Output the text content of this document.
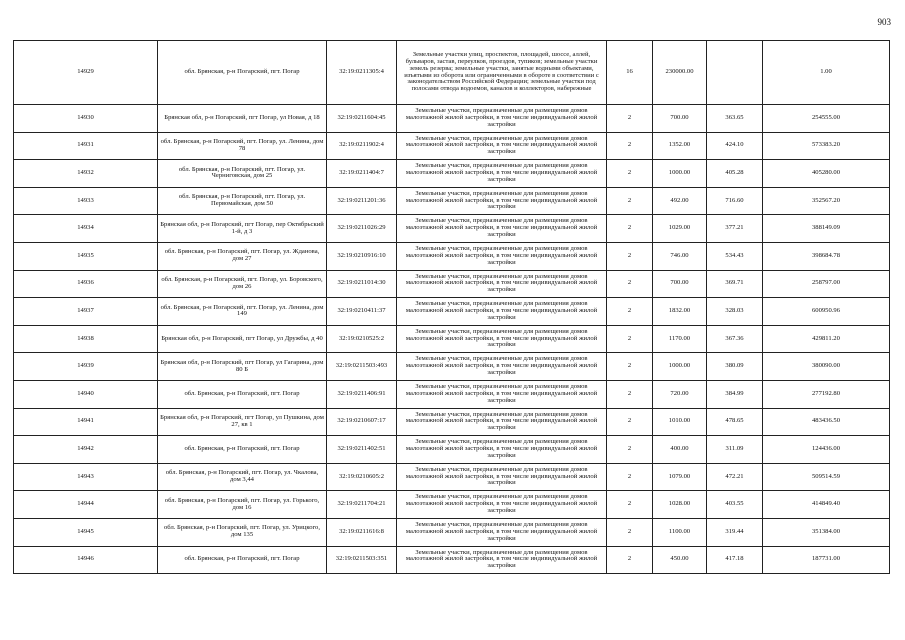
903
14929	обл. Брянская, р-н Погарский, пгт. Погар	32:19:0211305:4	Земельные участки улиц, проспектов, площадей, шоссе, аллей, бульваров, застав, переулков, проездов, тупиков; земельные участки земель резерва; земельные участки, занятые водными объектами, изъятыми из оборота или ограниченными в обороте в соответствии с законодательством Российской Федерации; земельные участки под полосами отвода водоемов, каналов и коллекторов, набережные	16	230000.00		1.00
14930	Брянская обл, р-н Погарский, пгт Погар, ул Новая, д 18	32:19:0211604:45	Земельные участки, предназначенные для размещения домов малоэтажной жилой застройки, в том числе индивидуальной жилой застройки	2	700.00	363.65	254555.00
14931	обл. Брянская, р-н Погарский, пгт. Погар, ул. Ленина, дом 78	32:19:0211902:4	Земельные участки, предназначенные для размещения домов малоэтажной жилой застройки, в том числе индивидуальной жилой застройки	2	1352.00	424.10	573383.20
14932	обл. Брянская, р-н Погарский, пгт. Погар, ул. Черниговская, дом 25	32:19:0211404:7	Земельные участки, предназначенные для размещения домов малоэтажной жилой застройки, в том числе индивидуальной жилой застройки	2	1000.00	405.28	405280.00
14933	обл. Брянская, р-н Погарский, пгт. Погар, ул. Первомайская, дом 50	32:19:0211201:36	Земельные участки, предназначенные для размещения домов малоэтажной жилой застройки, в том числе индивидуальной жилой застройки	2	492.00	716.60	352567.20
14934	Брянская обл, р-н Погарский, пгт Погар, пер Октябрьский 1-й, д 3	32:19:0211026:29	Земельные участки, предназначенные для размещения домов малоэтажной жилой застройки, в том числе индивидуальной жилой застройки	2	1029.00	377.21	388149.09
14935	обл. Брянская, р-н Погарский, пгт. Погар, ул. Жданова, дом 27	32:19:0210916:10	Земельные участки, предназначенные для размещения домов малоэтажной жилой застройки, в том числе индивидуальной жилой застройки	2	746.00	534.43	398684.78
14936	обл. Брянская, р-н Погарский, пгт. Погар, ул. Боровского, дом 26	32:19:0211014:30	Земельные участки, предназначенные для размещения домов малоэтажной жилой застройки, в том числе индивидуальной жилой застройки	2	700.00	369.71	258797.00
14937	обл. Брянская, р-н Погарский, пгт. Погар, ул. Ленина, дом 149	32:19:0210411:37	Земельные участки, предназначенные для размещения домов малоэтажной жилой застройки, в том числе индивидуальной жилой застройки	2	1832.00	328.03	600950.96
14938	Брянская обл, р-н Погарский, пгт Погар, ул Дружбы, д 40	32:19:0210525:2	Земельные участки, предназначенные для размещения домов малоэтажной жилой застройки, в том числе индивидуальной жилой застройки	2	1170.00	367.36	429811.20
14939	Брянская обл, р-н Погарский, пгт Погар, ул Гагарина, дом 80 Б	32:19:0211503:493	Земельные участки, предназначенные для размещения домов малоэтажной жилой застройки, в том числе индивидуальной жилой застройки	2	1000.00	380.09	380090.00
14940	обл. Брянская, р-н Погарский, пгт. Погар	32:19:0211406:91	Земельные участки, предназначенные для размещения домов малоэтажной жилой застройки, в том числе индивидуальной жилой застройки	2	720.00	384.99	277192.80
14941	Брянская обл, р-н Погарский, пгт Погар, ул Пушкина, дом 27, кв 1	32:19:0210607:17	Земельные участки, предназначенные для размещения домов малоэтажной жилой застройки, в том числе индивидуальной жилой застройки	2	1010.00	478.65	483436.50
14942	обл. Брянская, р-н Погарский, пгт. Погар	32:19:0211402:51	Земельные участки, предназначенные для размещения домов малоэтажной жилой застройки, в том числе индивидуальной жилой застройки	2	400.00	311.09	124436.00
14943	обл. Брянская, р-н Погарский, пгт. Погар, ул. Чкалова, дом 3,44	32:19:0210605:2	Земельные участки, предназначенные для размещения домов малоэтажной жилой застройки, в том числе индивидуальной жилой застройки	2	1079.00	472.21	509514.59
14944	обл. Брянская, р-н Погарский, пгт. Погар, ул. Горького, дом 16	32:19:0211704:21	Земельные участки, предназначенные для размещения домов малоэтажной жилой застройки, в том числе индивидуальной жилой застройки	2	1028.00	403.55	414849.40
14945	обл. Брянская, р-н Погарский, пгт. Погар, ул. Урицкого, дом 135	32:19:0211616:8	Земельные участки, предназначенные для размещения домов малоэтажной жилой застройки, в том числе индивидуальной жилой застройки	2	1100.00	319.44	351384.00
14946	обл. Брянская, р-н Погарский, пгт. Погар	32:19:0211503:351	Земельные участки, предназначенные для размещения домов малоэтажной жилой застройки, в том числе индивидуальной жилой застройки	2	450.00	417.18	187731.00
